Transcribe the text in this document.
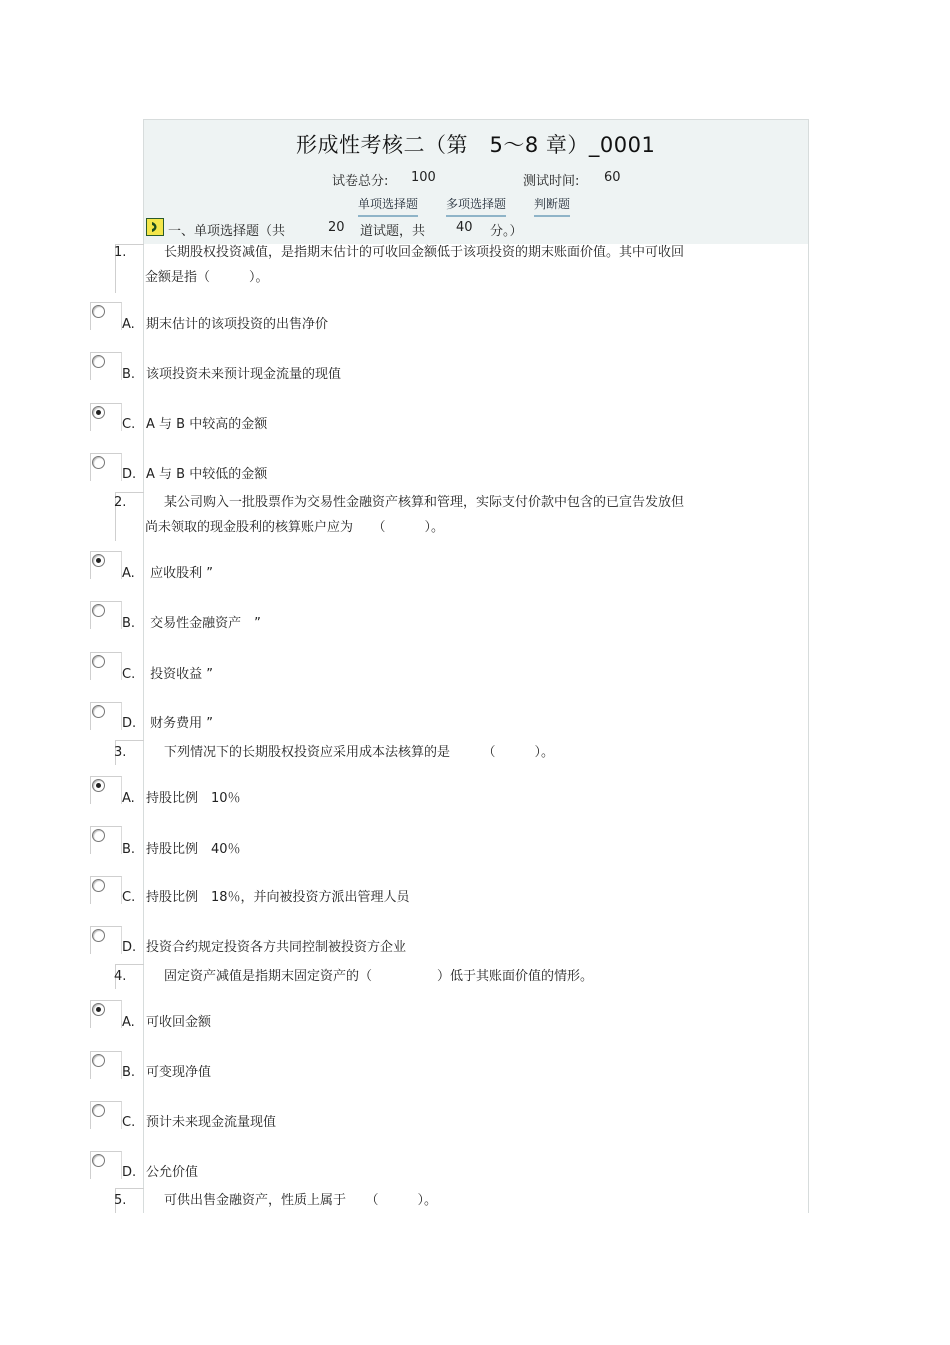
形成性考核二（第　5～8 章）_0001
试卷总分: 100	测试时间: 60
单项选择题 多项选择题 判断题
一、单项选择题（共	20 道试题，共 40 分。）
1.	长期股权投资减值，是指期末估计的可收回金额低于该项投资的期末账面价值。其中可收回
金额是指（　　　）。
A. 期末估计的该项投资的出售净价
B. 该项投资未来预计现金流量的现值
C. A 与 B 中较高的金额
D. A 与 B 中较低的金额
2.	某公司购入一批股票作为交易性金融资产核算和管理，实际支付价款中包含的已宣告发放但
尚未领取的现金股利的核算账户应为　　（　　　）。
A. 应收股利 ”
B. 交易性金融资产　”
C. 投资收益 ”
D. 财务费用 ”
3.	下列情况下的长期股权投资应采用成本法核算的是　　　（　　　）。
A. 持股比例　10％
B. 持股比例　40％
C. 持股比例　18％，并向被投资方派出管理人员
D. 投资合约规定投资各方共同控制被投资方企业
4.	固定资产减值是指期末固定资产的（　　　　　）低于其账面价值的情形。
A. 可收回金额
B. 可变现净值
C. 预计未来现金流量现值
D. 公允价值
5.	可供出售金融资产，性质上属于　　（　　　）。
